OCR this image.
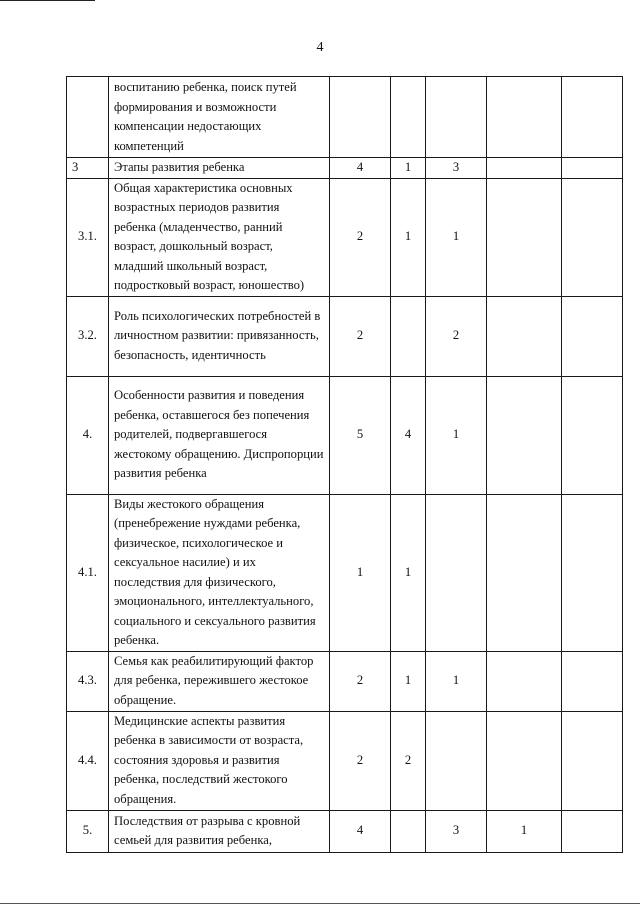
4
	воспитанию ребенка, поиск путей формирования и возможности компенсации недостающих компетенций					
3	Этапы развития ребенка	4	1	3		
3.1.	Общая характеристика основных возрастных периодов развития ребенка (младенчество, ранний возраст, дошкольный возраст, младший школьный возраст, подростковый возраст, юношество)	2	1	1		
3.2.	Роль психологических потребностей в личностном развитии: привязанность, безопасность, идентичность	2		2		
4.	Особенности развития и поведения ребенка, оставшегося без попечения родителей, подвергавшегося жестокому обращению. Диспропорции развития ребенка	5	4	1		
4.1.	Виды жестокого обращения (пренебрежение нуждами ребенка, физическое, психологическое и сексуальное насилие) и их последствия для физического, эмоционального, интеллектуального, социального и сексуального развития ребенка.	1	1			
4.3.	Семья как реабилитирующий фактор для ребенка, пережившего жестокое обращение.	2	1	1		
4.4.	Медицинские аспекты развития ребенка в зависимости от возраста, состояния здоровья и развития ребенка, последствий жестокого обращения.	2	2			
5.	Последствия от разрыва с кровной семьей для развития ребенка,	4		3	1	
